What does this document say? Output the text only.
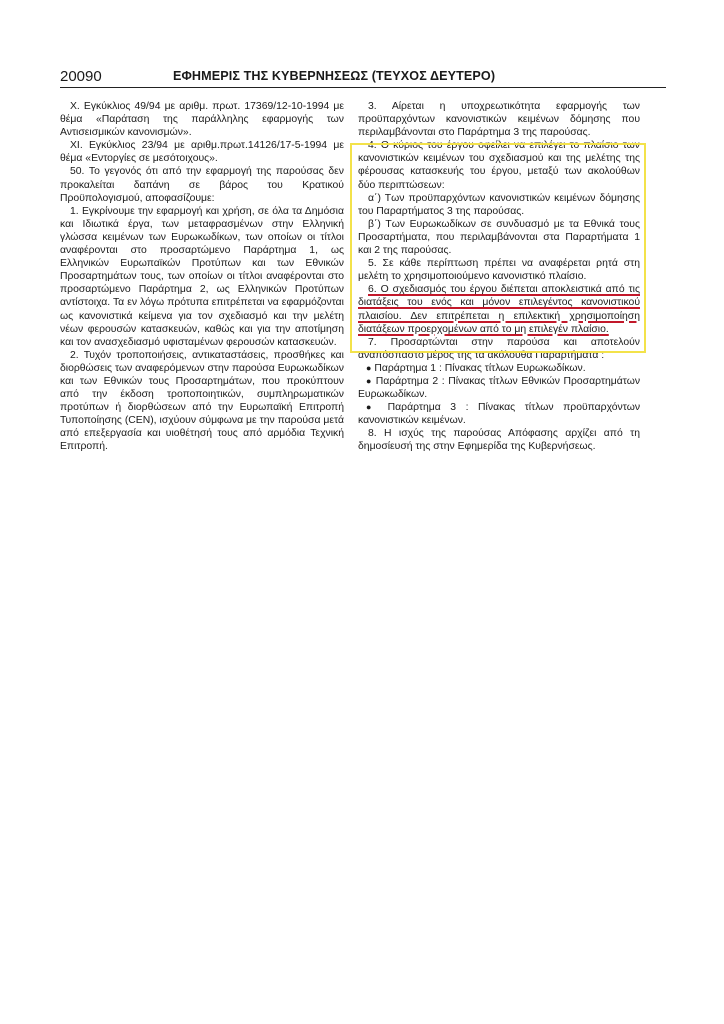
20090	ΕΦΗΜΕΡΙΣ ΤΗΣ ΚΥΒΕΡΝΗΣΕΩΣ (ΤΕΥΧΟΣ ΔΕΥΤΕΡΟ)

X. Εγκύκλιος 49/94 με αριθμ. πρωτ. 17369/12-10-1994 με θέμα «Παράταση της παράλληλης εφαρμογής των Αντισεισμικών κανονισμών».

XI. Εγκύκλιος 23/94 με αριθμ.πρωτ.14126/17-5-1994 με θέμα «Εντοργίες σε μεσότοιχους».

50. Το γεγονός ότι από την εφαρμογή της παρούσας δεν προκαλείται δαπάνη σε βάρος του Κρατικού Προϋπολογισμού, αποφασίζουμε:

1. Εγκρίνουμε την εφαρμογή και χρήση, σε όλα τα Δημόσια και Ιδιωτικά έργα, των μεταφρασμένων στην Ελληνική γλώσσα κειμένων των Ευρωκωδίκων, των οποίων οι τίτλοι αναφέρονται στο προσαρτώμενο Παράρτημα 1, ως Ελληνικών Ευρωπαϊκών Προτύπων και των Εθνικών Προσαρτημάτων τους, των οποίων οι τίτλοι αναφέρονται στο προσαρτώμενο Παράρτημα 2, ως Ελληνικών Προτύπων αντίστοιχα. Τα εν λόγω πρότυπα επιτρέπεται να εφαρμόζονται ως κανονιστικά κείμενα για τον σχεδιασμό και την μελέτη νέων φερουσών κατασκευών, καθώς και για την αποτίμηση και τον ανασχεδιασμό υφισταμένων φερουσών κατασκευών.

2. Τυχόν τροποποιήσεις, αντικαταστάσεις, προσθήκες και διορθώσεις των αναφερόμενων στην παρούσα Ευρωκωδίκων και των Εθνικών τους Προσαρτημάτων, που προκύπτουν από την έκδοση τροποποιητικών, συμπληρωματικών προτύπων ή διορθώσεων από την Ευρωπαϊκή Επιτροπή Τυποποίησης (CEN), ισχύουν σύμφωνα με την παρούσα μετά από επεξεργασία και υιοθέτησή τους από αρμόδια Τεχνική Επιτροπή.

3. Αίρεται η υποχρεωτικότητα εφαρμογής των προϋπαρχόντων κανονιστικών κειμένων δόμησης που περιλαμβάνονται στο Παράρτημα 3 της παρούσας.

4. Ο κύριος του έργου οφείλει να επιλέγει το πλαίσιο των κανονιστικών κειμένων του σχεδιασμού και της μελέτης της φέρουσας κατασκευής του έργου, μεταξύ των ακολούθων δύο περιπτώσεων:

α΄) Των προϋπαρχόντων κανονιστικών κειμένων δόμησης του Παραρτήματος 3 της παρούσας.

β΄) Των Ευρωκωδίκων σε συνδυασμό με τα Εθνικά τους Προσαρτήματα, που περιλαμβάνονται στα Παραρτήματα 1 και 2 της παρούσας.

5. Σε κάθε περίπτωση πρέπει να αναφέρεται ρητά στη μελέτη το χρησιμοποιούμενο κανονιστικό πλαίσιο.

6. Ο σχεδιασμός του έργου διέπεται αποκλειστικά από τις διατάξεις του ενός και μόνον επιλεγέντος κανονιστικού πλαισίου. Δεν επιτρέπεται η επιλεκτική χρησιμοποίηση διατάξεων προερχομένων από το μη επιλεγέν πλαίσιο.

7. Προσαρτώνται στην παρούσα και αποτελούν αναπόσπαστο μέρος της τα ακόλουθα Παραρτήματα :

● Παράρτημα 1 : Πίνακας τίτλων Ευρωκωδίκων.

● Παράρτημα 2 : Πίνακας τίτλων Εθνικών Προσαρτημάτων Ευρωκωδίκων.

● Παράρτημα 3 : Πίνακας τίτλων προϋπαρχόντων κανονιστικών κειμένων.

8. Η ισχύς της παρούσας Απόφασης αρχίζει από τη δημοσίευσή της στην Εφημερίδα της Κυβερνήσεως.
